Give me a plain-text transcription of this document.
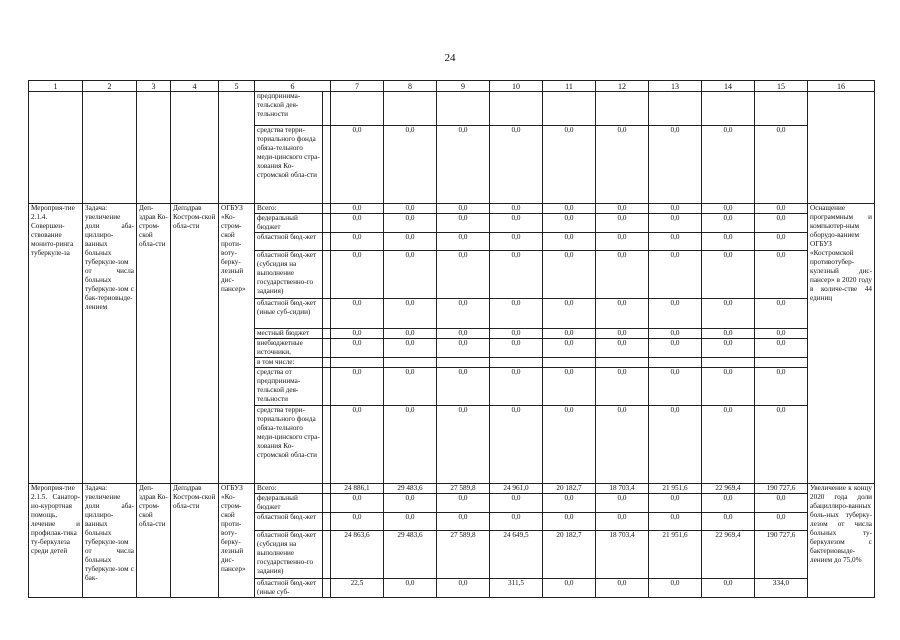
24
1	2	3	4	5	6		7	8	9	10	11	12	13	14	15	16
					предпринима-тельской дея-тельности											
					средства терри-ториального фонда обяза-тельного меди-цинского стра-хования Ко-стромской обла-сти		0,0	0,0	0,0	0,0	0,0	0,0	0,0	0,0	0,0	
Мероприя-тие 2.1.4. Совершен-ствование монито-ринга туберкуле-за	Задача: увеличение доли аба-циллиро-ванных больных туберкуле-зом от числа больных туберкуле-зом с бак-териовыде-лением	Деп-здрав Ко-стром-ской обла-сти	Депздрав Костром-ской обла-сти	ОГБУЗ «Ко-стром-ской проти-воту-берку-лезный дис-пансер»	Всего:		0,0	0,0	0,0	0,0	0,0	0,0	0,0	0,0	0,0	Оснащение программным и компьютер-ным оборудо-ванием ОГБУЗ «Костромской противотубер-кулезный дис-пансер» в 2020 году в количе-стве 44 единиц
					федеральный бюджет		0,0	0,0	0,0	0,0	0,0	0,0	0,0	0,0	0,0	
					областной бюд-жет		0,0	0,0	0,0	0,0	0,0	0,0	0,0	0,0	0,0	
					областной бюд-жет (субсидия на выполнение государственно-го задания)		0,0	0,0	0,0	0,0	0,0	0,0	0,0	0,0	0,0	
					областной бюд-жет (иные суб-сидии)		0,0	0,0	0,0	0,0	0,0	0,0	0,0	0,0	0,0	
					местный бюджет		0,0	0,0	0,0	0,0	0,0	0,0	0,0	0,0	0,0	
					внебюджетные источники,		0,0	0,0	0,0	0,0	0,0	0,0	0,0	0,0	0,0	
					в том числе:											
					средства от предпринима-тельской дея-тельности		0,0	0,0	0,0	0,0	0,0	0,0	0,0	0,0	0,0	
					средства терри-ториального фонда обяза-тельного меди-цинского стра-хования Ко-стромской обла-сти		0,0	0,0	0,0	0,0	0,0	0,0	0,0	0,0	0,0	
Мероприя-тие 2.1.5. Санатор-но-курортная помощь, лечение и профилак-тика ту-беркулеза среди детей	Задача: увеличение доли аба-циллиро-ванных больных туберкуле-зом от числа больных туберкуле-зом с бак-	Деп-здрав Ко-стром-ской обла-сти	Депздрав Костром-ской обла-сти	ОГБУЗ «Ко-стром-ской проти-воту-берку-лезный дис-пансер»	Всего:		24 886,1	29 483,6	27 589,8	24 961,0	20 182,7	18 703,4	21 951,6	22 969,4	190 727,6	Увеличение к концу 2020 года доли абациллиро-ванных боль-ных туберку-лезом от числа больных ту-беркулезом с бактериовыде-лением до 75,0%
					федеральный бюджет		0,0	0,0	0,0	0,0	0,0	0,0	0,0	0,0	0,0	
					областной бюд-жет		0,0	0,0	0,0	0,0	0,0	0,0	0,0	0,0	0,0	
					областной бюд-жет (субсидия на выполнение государственно-го задания)		24 863,6	29 483,6	27 589,8	24 649,5	20 182,7	18 703,4	21 951,6	22 969,4	190 727,6	
					областной бюд-жет (иные суб-		22,5	0,0	0,0	311,5	0,0	0,0	0,0	0,0	334,0	
